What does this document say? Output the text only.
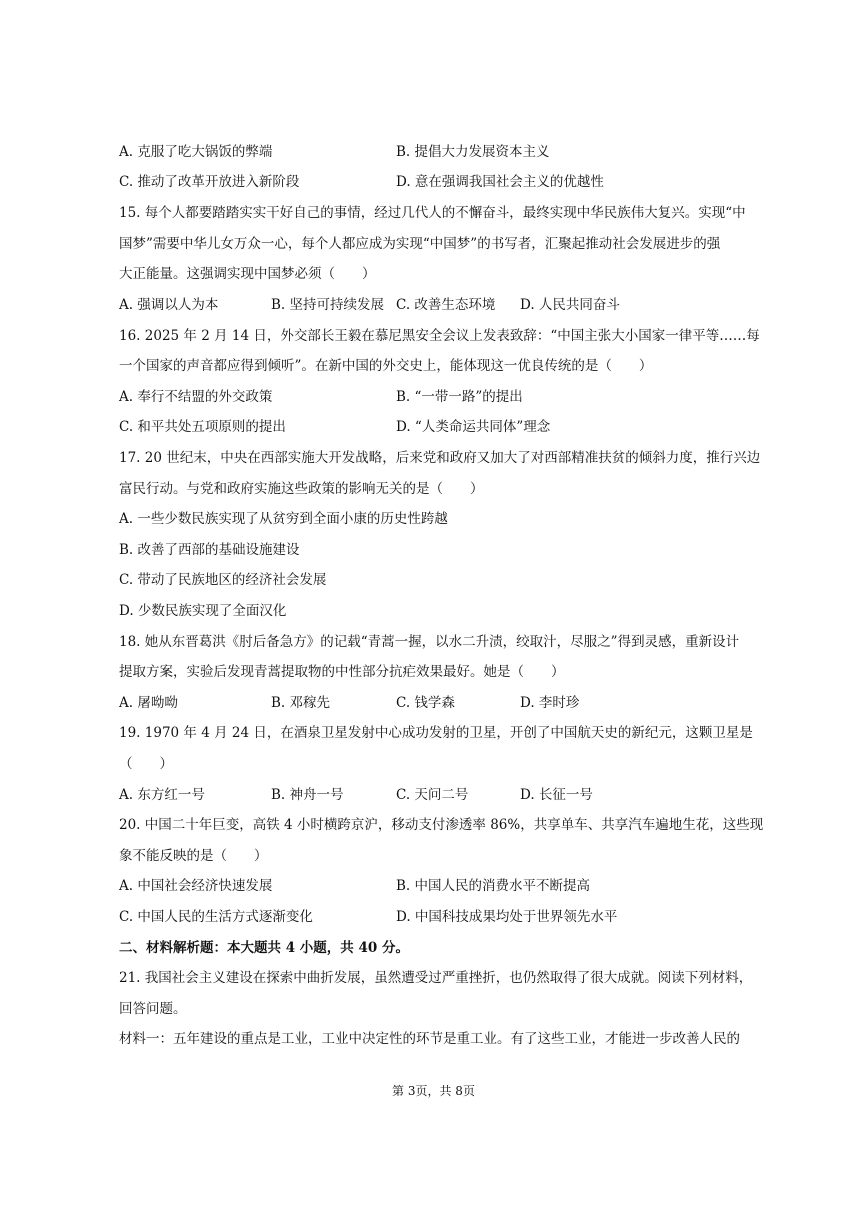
A. 克服了吃大锅饭的弊端	B. 提倡大力发展资本主义
C. 推动了改革开放进入新阶段	D. 意在强调我国社会主义的优越性
15. 每个人都要踏踏实实干好自己的事情，经过几代人的不懈奋斗，最终实现中华民族伟大复兴。实现“中
国梦”需要中华儿女万众一心，每个人都应成为实现“中国梦”的书写者，汇聚起推动社会发展进步的强
大正能量。这强调实现中国梦必须（　　）
A. 强调以人为本	B. 坚持可持续发展 C. 改善生态环境 D. 人民共同奋斗
16. 2025 年 2 月 14 日，外交部长王毅在慕尼黑安全会议上发表致辞：“中国主张大小国家一律平等……每
一个国家的声音都应得到倾听”。在新中国的外交史上，能体现这一优良传统的是（　　）
A. 奉行不结盟的外交政策	B. “一带一路”的提出
C. 和平共处五项原则的提出	D. “人类命运共同体”理念
17. 20 世纪末，中央在西部实施大开发战略，后来党和政府又加大了对西部精准扶贫的倾斜力度，推行兴边
富民行动。与党和政府实施这些政策的影响无关的是（　　）
A. 一些少数民族实现了从贫穷到全面小康的历史性跨越
B. 改善了西部的基础设施建设
C. 带动了民族地区的经济社会发展
D. 少数民族实现了全面汉化
18. 她从东晋葛洪《肘后备急方》的记载“青蒿一握，以水二升渍，绞取汁，尽服之”得到灵感，重新设计
提取方案，实验后发现青蒿提取物的中性部分抗疟效果最好。她是（　　）
A. 屠呦呦	B. 邓稼先	C. 钱学森	D. 李时珍
19. 1970 年 4 月 24 日，在酒泉卫星发射中心成功发射的卫星，开创了中国航天史的新纪元，这颗卫星是
（　　）
A. 东方红一号	B. 神舟一号	C. 天问二号	D. 长征一号
20. 中国二十年巨变，高铁 4 小时横跨京沪，移动支付渗透率 86%，共享单车、共享汽车遍地生花，这些现
象不能反映的是（　　）
A. 中国社会经济快速发展	B. 中国人民的消费水平不断提高
C. 中国人民的生活方式逐渐变化	D. 中国科技成果均处于世界领先水平
二、材料解析题：本大题共 4 小题，共 40 分。
21. 我国社会主义建设在探索中曲折发展，虽然遭受过严重挫折，也仍然取得了很大成就。阅读下列材料，
回答问题。
材料一：五年建设的重点是工业，工业中决定性的环节是重工业。有了这些工业，才能进一步改善人民的
第 3页，共 8页
